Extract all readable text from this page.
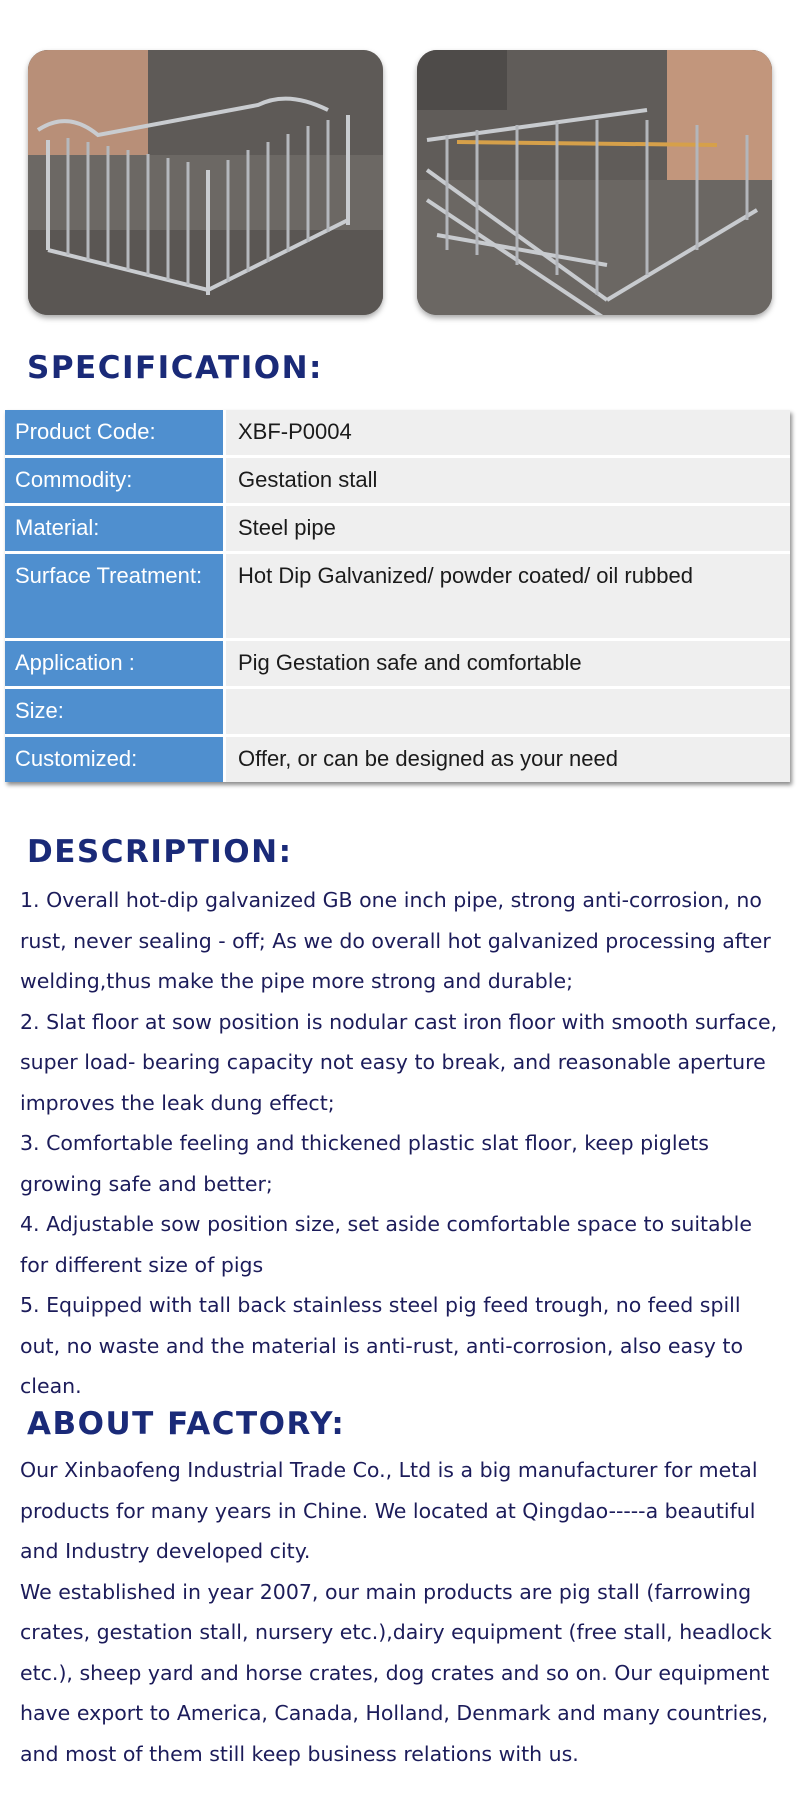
SPECIFICATION:
Product Code:	XBF-P0004
Commodity:	Gestation stall
Material:	Steel pipe
Surface Treatment:	Hot Dip Galvanized/ powder coated/ oil rubbed
Application :	Pig Gestation safe and comfortable
Size:	
Customized:	Offer, or can be designed as your need
DESCRIPTION:

1. Overall hot-dip galvanized GB one inch pipe, strong anti-corrosion, no rust, never sealing - off; As we do overall hot galvanized processing after welding,thus make the pipe more strong and durable;

2. Slat floor at sow position is nodular cast iron floor with smooth surface, super load- bearing capacity not easy to break, and reasonable aperture improves the leak dung effect;

3. Comfortable feeling and thickened plastic slat floor, keep piglets growing safe and better;

4. Adjustable sow position size, set aside comfortable space to suitable for different size of pigs

5. Equipped with tall back stainless steel pig feed trough, no feed spill out, no waste and the material is anti-rust, anti-corrosion, also easy to clean.

ABOUT FACTORY:

Our Xinbaofeng Industrial Trade Co., Ltd is a big manufacturer for metal products for many years in Chine. We located at Qingdao-----a beautiful and Industry developed city.

We established in year 2007, our main products are pig stall (farrowing crates, gestation stall, nursery etc.),dairy equipment (free stall, headlock etc.), sheep yard and horse crates, dog crates and so on. Our equipment have export to America, Canada, Holland, Denmark and many countries, and most of them still keep business relations with us.
